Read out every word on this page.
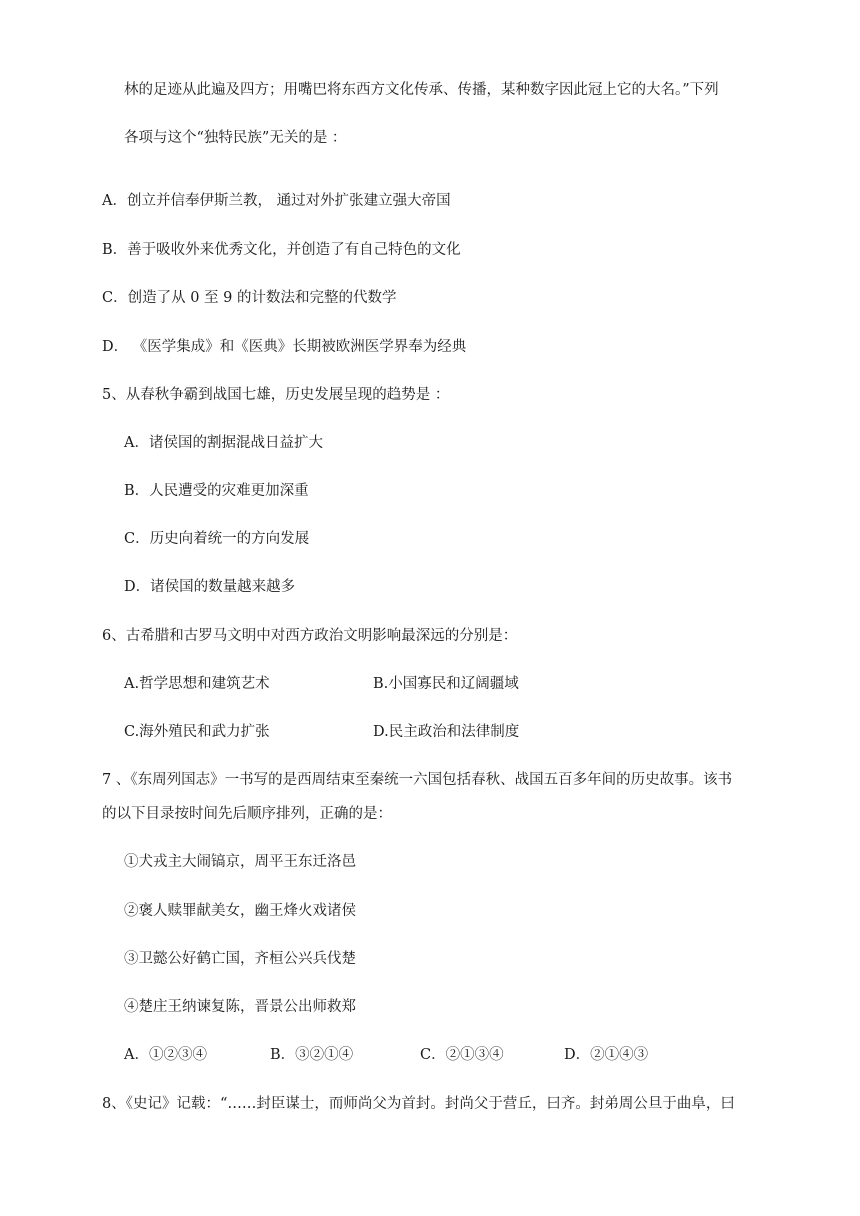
林的足迹从此遍及四方；用嘴巴将东西方文化传承、传播，某种数字因此冠上它的大名。”下列
各项与这个“独特民族”无关的是 ：
A．创立并信奉伊斯兰教， 通过对外扩张建立强大帝国
B．善于吸收外来优秀文化，并创造了有自己特色的文化
C．创造了从 0 至 9 的计数法和完整的代数学
D． 《医学集成》和《医典》长期被欧洲医学界奉为经典
5、从春秋争霸到战国七雄，历史发展呈现的趋势是 ：
A．诸侯国的割据混战日益扩大
B．人民遭受的灾难更加深重
C．历史向着统一的方向发展
D．诸侯国的数量越来越多
6、古希腊和古罗马文明中对西方政治文明影响最深远的分别是：
A.哲学思想和建筑艺术	B.小国寡民和辽阔疆域
C.海外殖民和武力扩张	D.民主政治和法律制度
7 、《东周列国志》一书写的是西周结束至秦统一六国包括春秋、战国五百多年间的历史故事。该书
的以下目录按时间先后顺序排列，正确的是：
①犬戎主大闹镐京，周平王东迁洛邑
②褒人赎罪献美女，幽王烽火戏诸侯
③卫懿公好鹤亡国，齐桓公兴兵伐楚
④楚庄王纳谏复陈，晋景公出师救郑
A．①②③④	B．③②①④	C．②①③④	D．②①④③
8、《史记》记载：“……封臣谋士，而师尚父为首封。封尚父于营丘，曰齐。封弟周公旦于曲阜，曰
